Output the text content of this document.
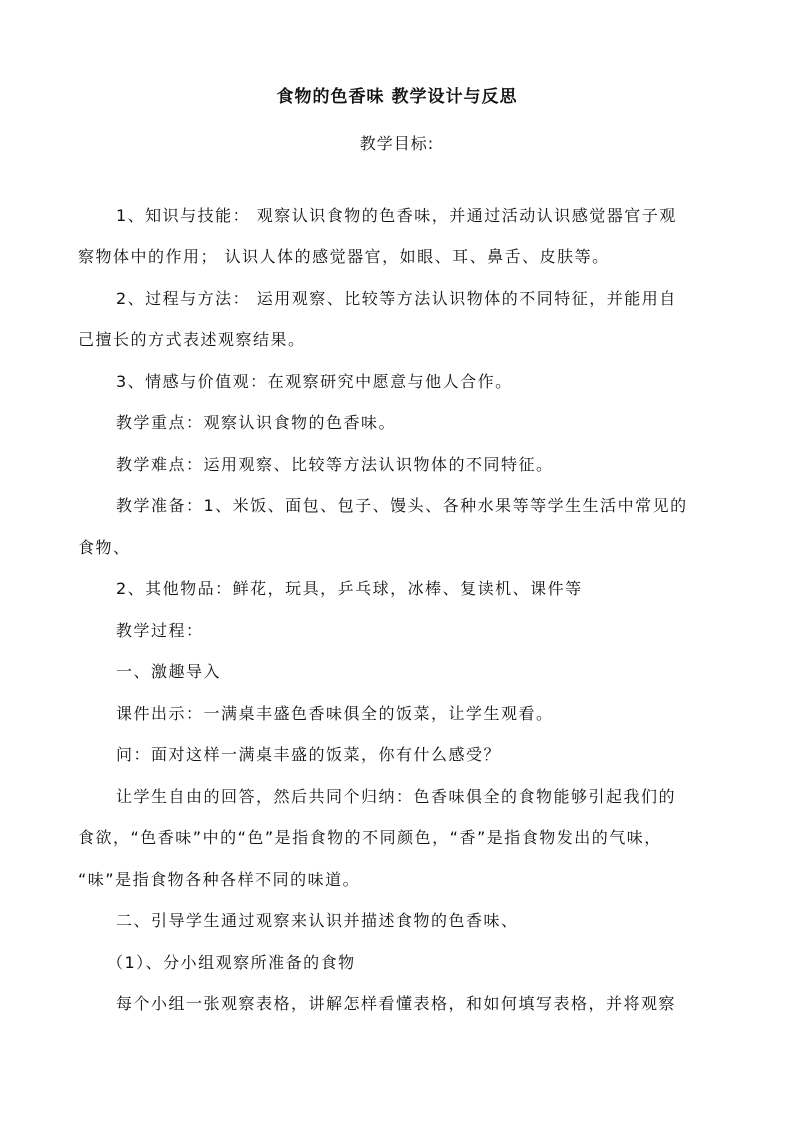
食物的色香味 教学设计与反思
教学目标:
1、知识与技能： 观察认识食物的色香味，并通过活动认识感觉器官子观
察物体中的作用； 认识人体的感觉器官，如眼、耳、鼻舌、皮肤等。
2、过程与方法： 运用观察、比较等方法认识物体的不同特征，并能用自
己擅长的方式表述观察结果。
3、情感与价值观：在观察研究中愿意与他人合作。
教学重点：观察认识食物的色香味。
教学难点：运用观察、比较等方法认识物体的不同特征。
教学准备：1、米饭、面包、包子、馒头、各种水果等等学生生活中常见的
食物、
2、其他物品：鲜花，玩具，乒乓球，冰棒、复读机、课件等
教学过程：
一、激趣导入
课件出示：一满桌丰盛色香味俱全的饭菜，让学生观看。
问：面对这样一满桌丰盛的饭菜，你有什么感受？
让学生自由的回答，然后共同个归纳：色香味俱全的食物能够引起我们的
食欲，“色香味”中的“色”是指食物的不同颜色，“香”是指食物发出的气味，
“味”是指食物各种各样不同的味道。
二、引导学生通过观察来认识并描述食物的色香味、
（1）、分小组观察所准备的食物
每个小组一张观察表格，讲解怎样看懂表格，和如何填写表格，并将观察
